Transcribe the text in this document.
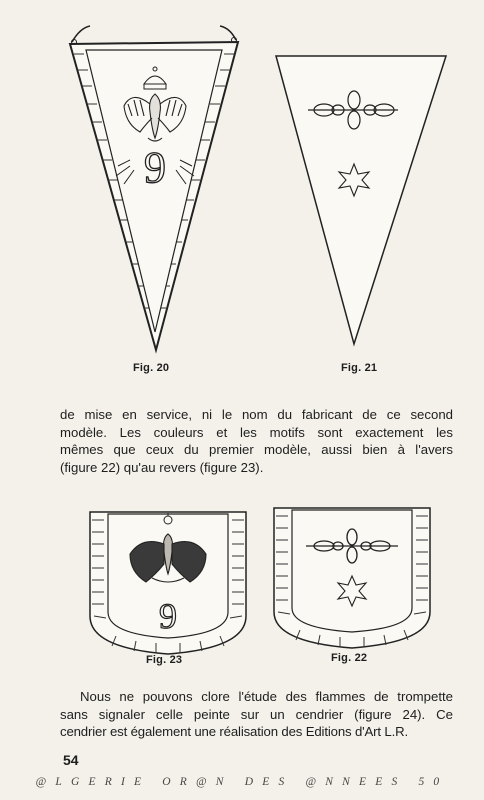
9
Fig. 20	Fig. 21
de mise en service, ni le nom du fabricant de ce second
modèle. Les couleurs et les motifs sont exactement les
mêmes que ceux du premier modèle, aussi bien à l'avers
(figure 22) qu'au revers (figure 23).
9
Fig. 23	Fig. 22
Nous ne pouvons clore l'étude des flammes de trompette
sans signaler celle peinte sur un cendrier (figure 24). Ce
cendrier est également une réalisation des Editions d'Art L.R.
54
@LGERIE OR@N DES @NNEES 50
